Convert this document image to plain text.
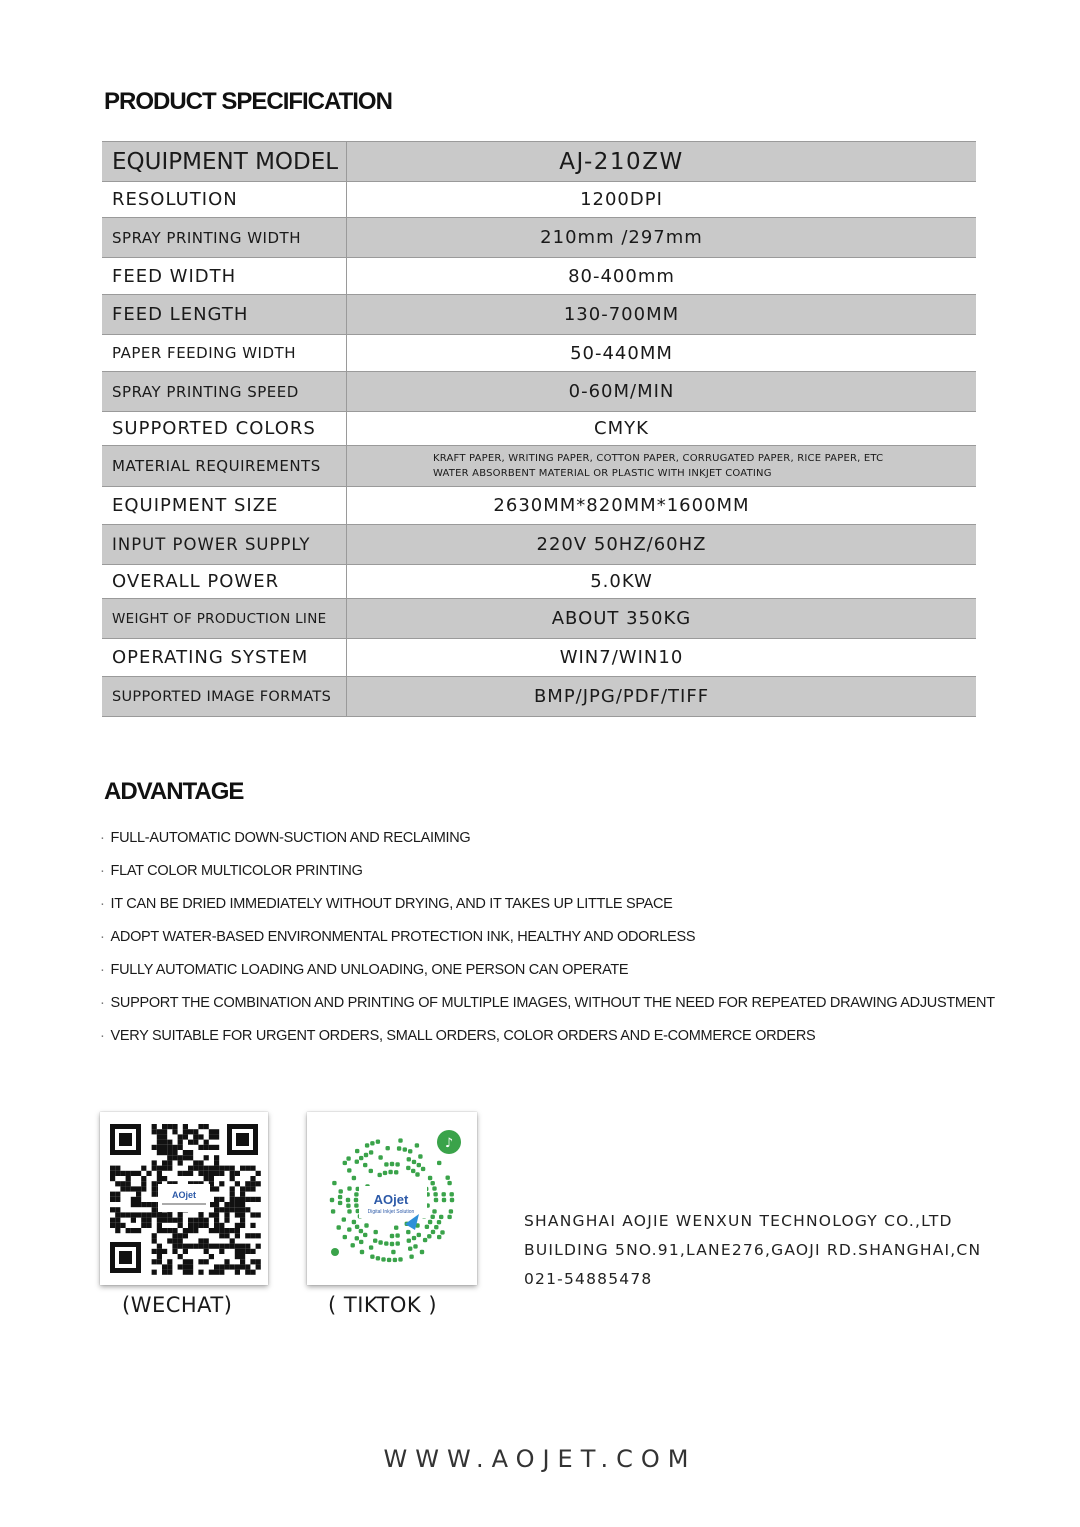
PRODUCT SPECIFICATION
EQUIPMENT MODEL	AJ-210ZW
RESOLUTION	1200DPI
SPRAY PRINTING WIDTH	210mm /297mm
FEED WIDTH	80-400mm
FEED LENGTH	130-700MM
PAPER FEEDING WIDTH	50-440MM
SPRAY PRINTING SPEED	0-60M/MIN
SUPPORTED COLORS	CMYK
MATERIAL REQUIREMENTS	KRAFT PAPER, WRITING PAPER, COTTON PAPER, CORRUGATED PAPER, RICE PAPER, ETC
WATER ABSORBENT MATERIAL OR PLASTIC WITH INKJET COATING
EQUIPMENT SIZE	2630MM*820MM*1600MM
INPUT POWER SUPPLY	220V 50HZ/60HZ
OVERALL POWER	5.0KW
WEIGHT OF PRODUCTION LINE	ABOUT 350KG
OPERATING SYSTEM	WIN7/WIN10
SUPPORTED IMAGE FORMATS	BMP/JPG/PDF/TIFF
ADVANTAGE
· FULL-AUTOMATIC DOWN-SUCTION AND RECLAIMING
· FLAT COLOR MULTICOLOR PRINTING
· IT CAN BE DRIED IMMEDIATELY WITHOUT DRYING, AND IT TAKES UP LITTLE SPACE
· ADOPT WATER-BASED ENVIRONMENTAL PROTECTION INK, HEALTHY AND ODORLESS
· FULLY AUTOMATIC LOADING AND UNLOADING, ONE PERSON CAN OPERATE
· SUPPORT THE COMBINATION AND PRINTING OF MULTIPLE IMAGES, WITHOUT THE NEED FOR REPEATED DRAWING ADJUSTMENT
· VERY SUITABLE FOR URGENT ORDERS, SMALL ORDERS, COLOR ORDERS AND E-COMMERCE ORDERS
AOjet
♪
AOjet
Digital Inkjet Solution
(WECHAT)	( TIKTOK )
SHANGHAI AOJIE WENXUN TECHNOLOGY CO.,LTD
BUILDING 5NO.91,LANE276,GAOJI RD.SHANGHAI,CN
021-54885478
WWW.AOJET.COM
